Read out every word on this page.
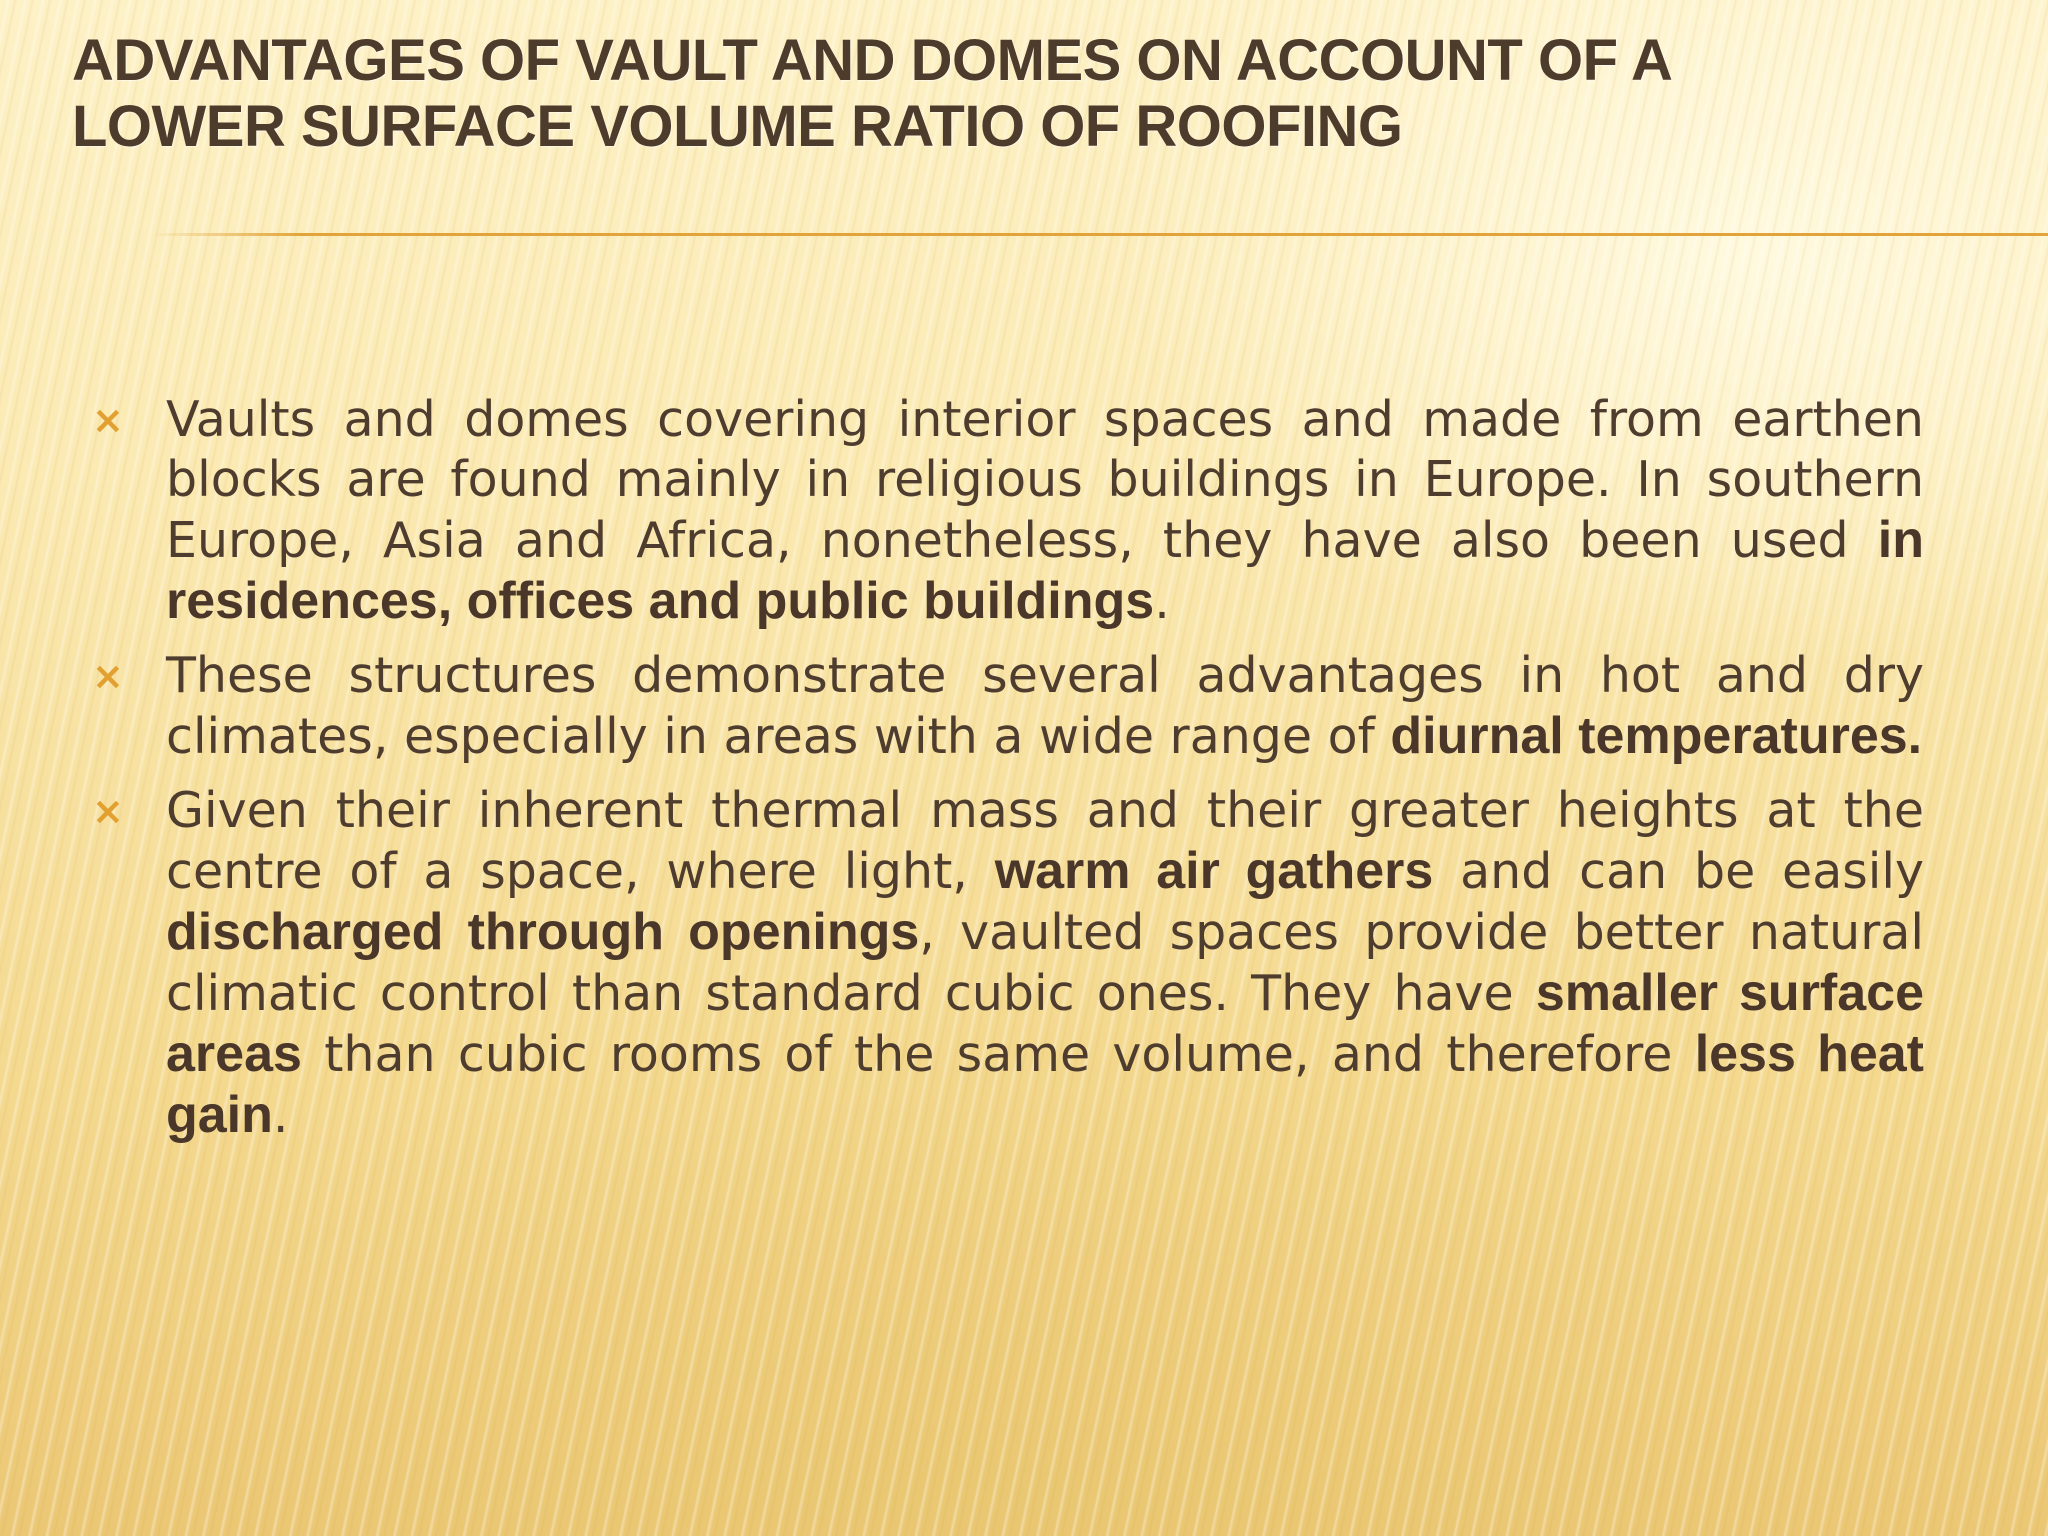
ADVANTAGES OF VAULT AND DOMES ON ACCOUNT OF A
LOWER SURFACE VOLUME RATIO OF ROOFING
× Vaults and domes covering interior spaces and made from earthen blocks are found mainly in religious buildings in Europe. In southern Europe, Asia and Africa, nonetheless, they have also been used in residences, offices and public buildings.
× These structures demonstrate several advantages in hot and dry climates, especially in areas with a wide range of diurnal temperatures.
× Given their inherent thermal mass and their greater heights at the centre of a space, where light, warm air gathers and can be easily discharged through openings, vaulted spaces provide better natural climatic control than standard cubic ones. They have smaller surface areas than cubic rooms of the same volume, and therefore less heat gain.
